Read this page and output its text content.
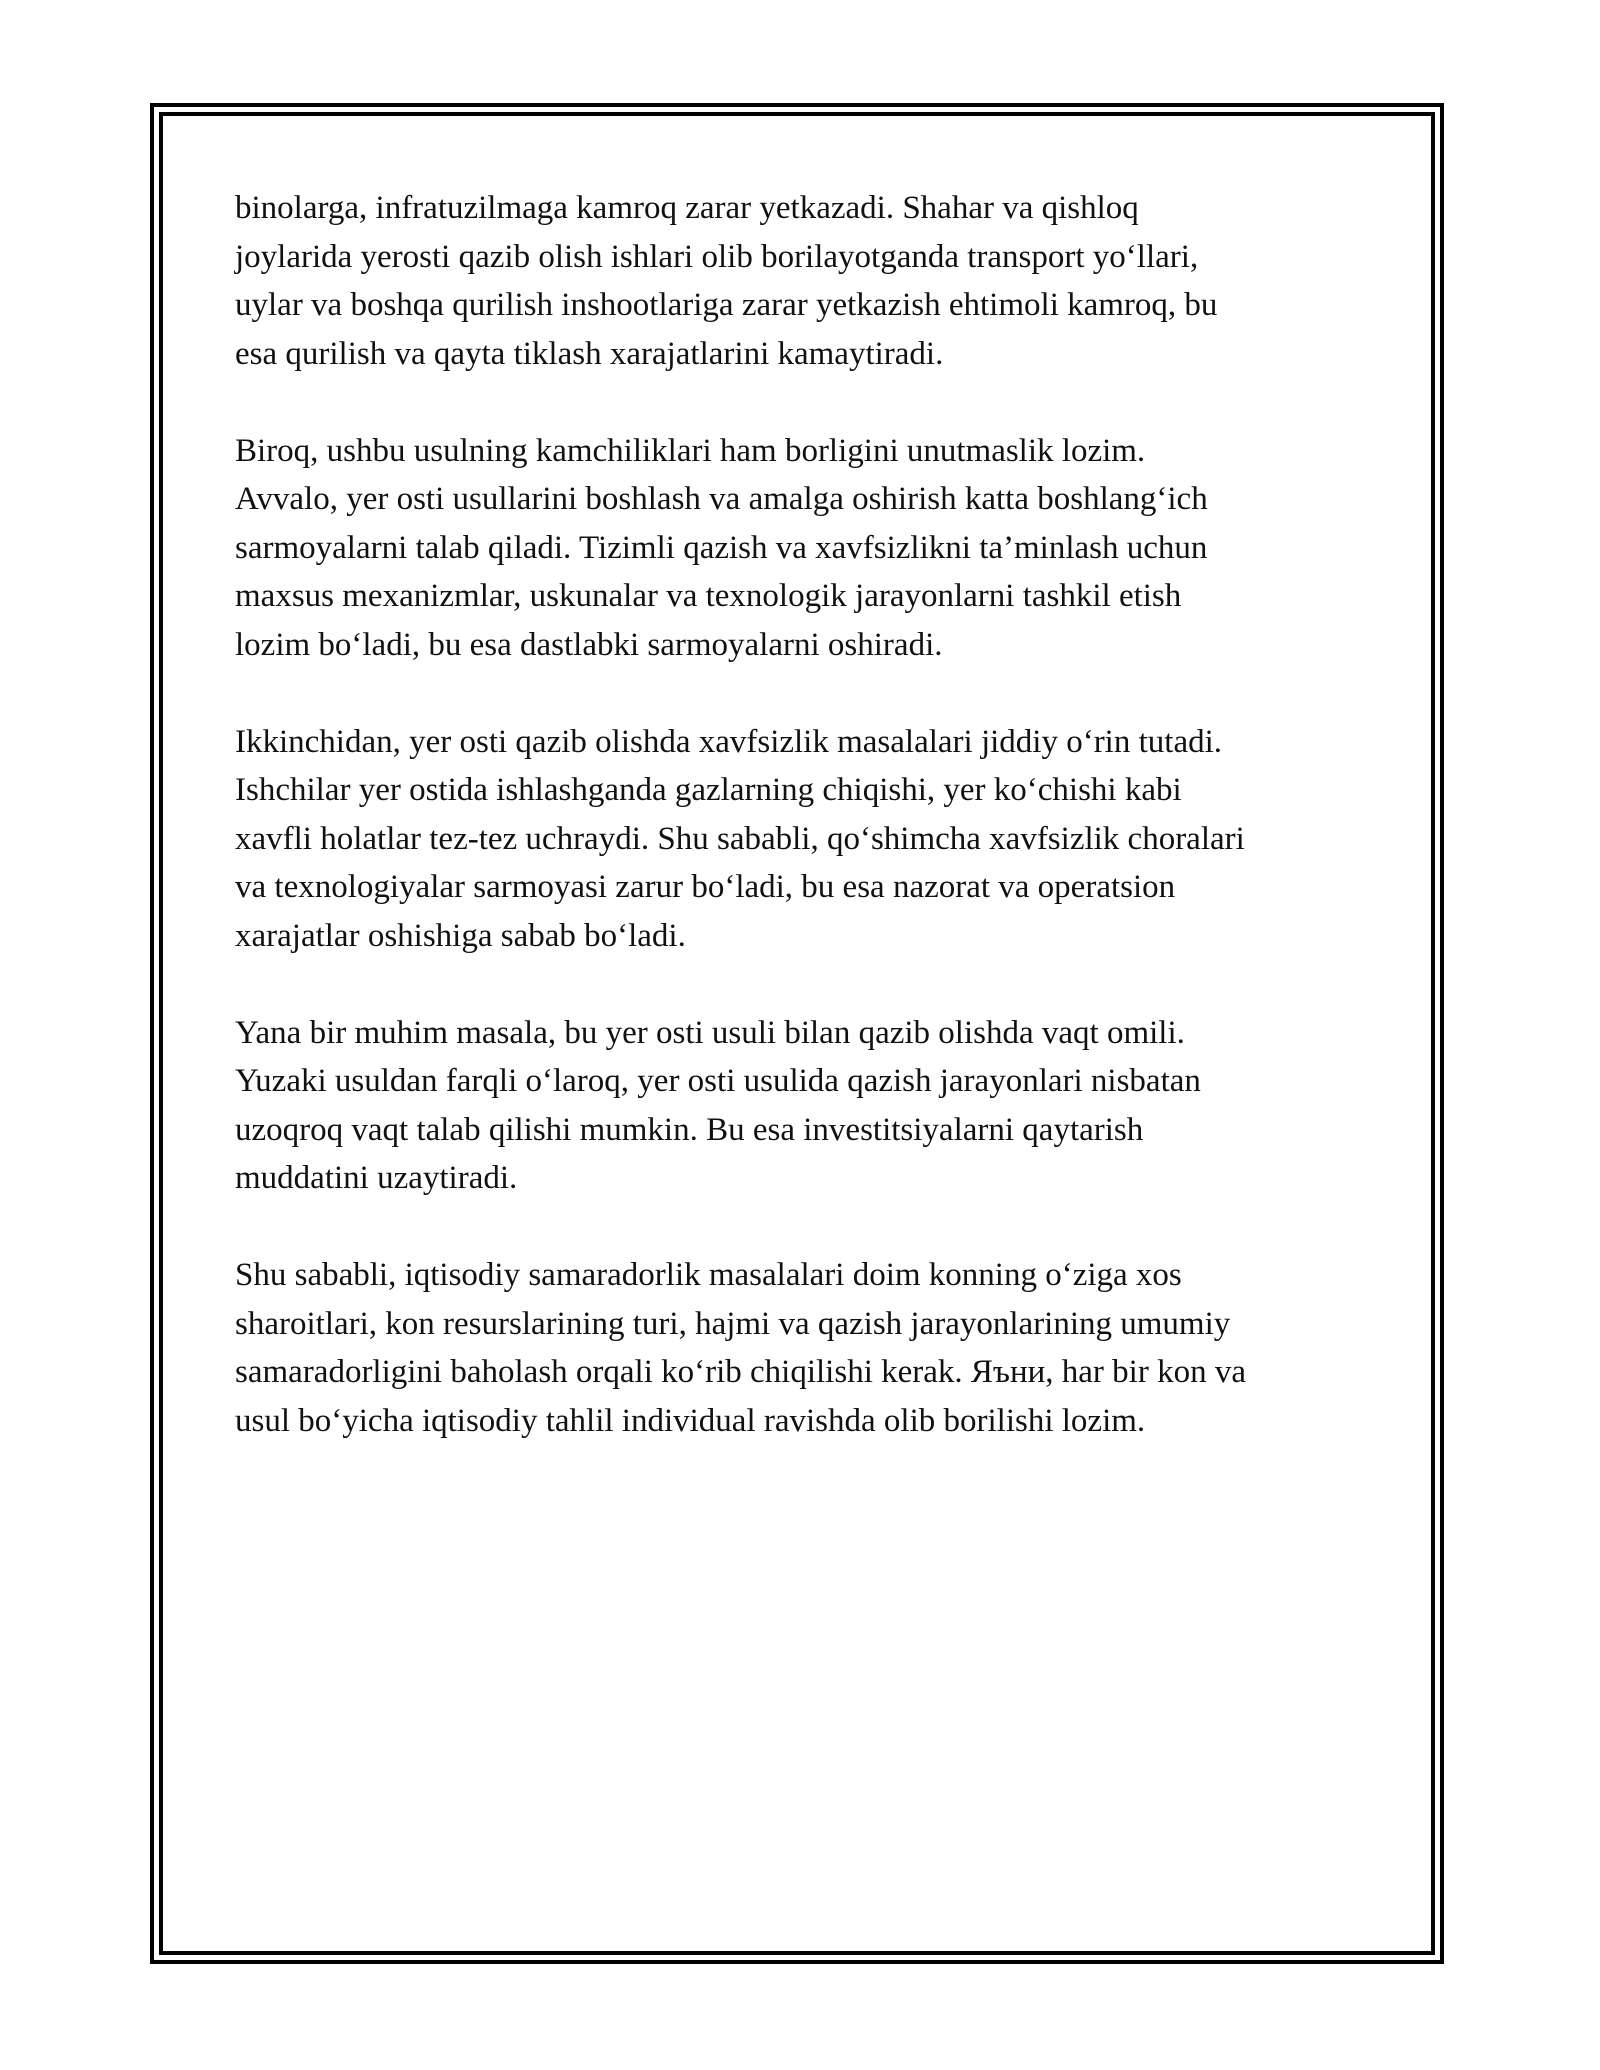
binolarga, infratuzilmaga kamroq zarar yetkazadi. Shahar va qishloq
joylarida yerosti qazib olish ishlari olib borilayotganda transport yo‘llari,
uylar va boshqa qurilish inshootlariga zarar yetkazish ehtimoli kamroq, bu
esa qurilish va qayta tiklash xarajatlarini kamaytiradi.

Biroq, ushbu usulning kamchiliklari ham borligini unutmaslik lozim.
Avvalo, yer osti usullarini boshlash va amalga oshirish katta boshlang‘ich
sarmoyalarni talab qiladi. Tizimli qazish va xavfsizlikni ta’minlash uchun
maxsus mexanizmlar, uskunalar va texnologik jarayonlarni tashkil etish
lozim bo‘ladi, bu esa dastlabki sarmoyalarni oshiradi.

Ikkinchidan, yer osti qazib olishda xavfsizlik masalalari jiddiy o‘rin tutadi.
Ishchilar yer ostida ishlashganda gazlarning chiqishi, yer ko‘chishi kabi
xavfli holatlar tez-tez uchraydi. Shu sababli, qo‘shimcha xavfsizlik choralari
va texnologiyalar sarmoyasi zarur bo‘ladi, bu esa nazorat va operatsion
xarajatlar oshishiga sabab bo‘ladi.

Yana bir muhim masala, bu yer osti usuli bilan qazib olishda vaqt omili.
Yuzaki usuldan farqli o‘laroq, yer osti usulida qazish jarayonlari nisbatan
uzoqroq vaqt talab qilishi mumkin. Bu esa investitsiyalarni qaytarish
muddatini uzaytiradi.

Shu sababli, iqtisodiy samaradorlik masalalari doim konning o‘ziga xos
sharoitlari, kon resurslarining turi, hajmi va qazish jarayonlarining umumiy
samaradorligini baholash orqali ko‘rib chiqilishi kerak. Яъни, har bir kon va
usul bo‘yicha iqtisodiy tahlil individual ravishda olib borilishi lozim.
